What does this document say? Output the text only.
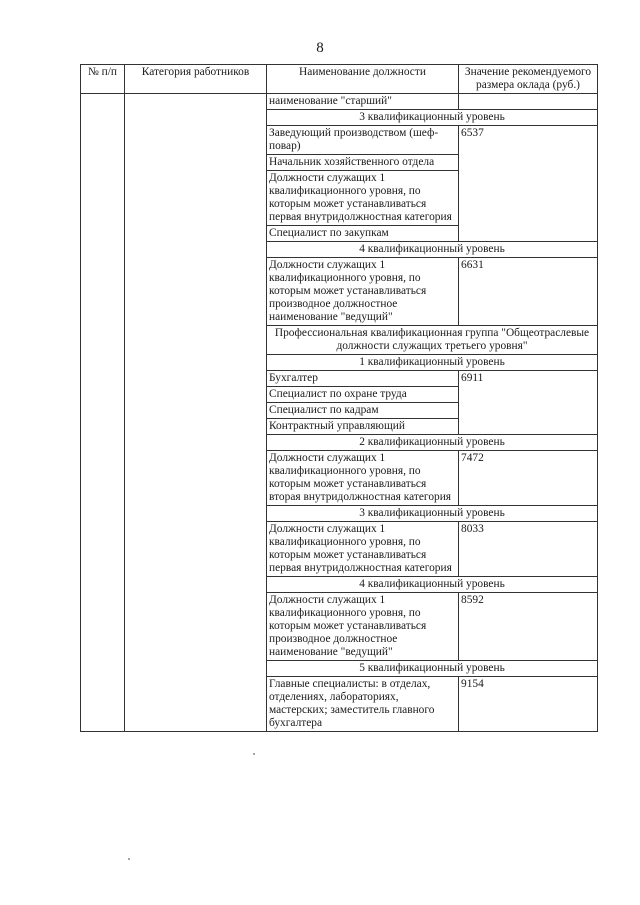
8
№ п/п	Категория работников	Наименование должности	Значение рекомендуемого размера оклада (руб.)
		наименование "старший"	
		3 квалификационный уровень	
		Заведующий производством (шеф-повар)	6537
		Начальник хозяйственного отдела	
		Должности служащих 1 квалификационного уровня, по которым может устанавливаться первая внутридолжностная категория	
		Специалист по закупкам	
		4 квалификационный уровень	
		Должности служащих 1 квалификационного уровня, по которым может устанавливаться производное должностное наименование "ведущий"	6631
		Профессиональная квалификационная группа "Общеотраслевые должности служащих третьего уровня"	
		1 квалификационный уровень	
		Бухгалтер	6911
		Специалист по охране труда	
		Специалист по кадрам	
		Контрактный управляющий	
		2 квалификационный уровень	
		Должности служащих 1 квалификационного уровня, по которым может устанавливаться вторая внутридолжностная категория	7472
		3 квалификационный уровень	
		Должности служащих 1 квалификационного уровня, по которым может устанавливаться первая внутридолжностная категория	8033
		4 квалификационный уровень	
		Должности служащих 1 квалификационного уровня, по которым может устанавливаться производное должностное наименование "ведущий"	8592
		5 квалификационный уровень	
		Главные специалисты: в отделах, отделениях, лабораториях, мастерских; заместитель главного бухгалтера	9154
